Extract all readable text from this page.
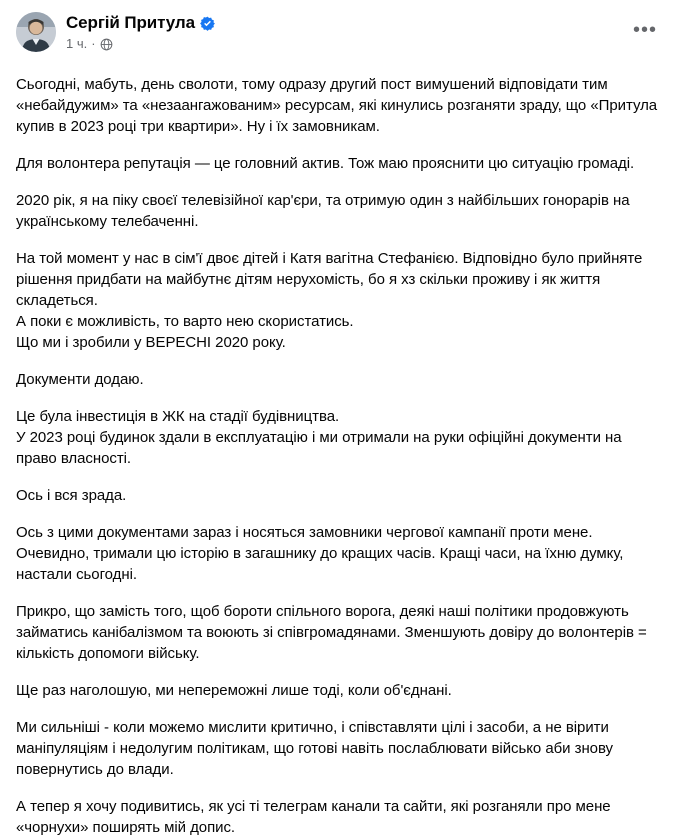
Сергій Притула
1 ч. ·
•••

Сьогодні, мабуть, день сволоти, тому одразу другий пост вимушений відповідати тим «небайдужим» та «незаангажованим» ресурсам, які кинулись розганяти зраду, що «Притула купив в 2023 році три квартири». Ну і їх замовникам.

Для волонтера репутація — це головний актив. Тож маю прояснити цю ситуацію громаді.

2020 рік, я на піку своєї телевізійної кар'єри, та отримую один з найбільших гонорарів на українському телебаченні.

На той момент у нас в сім'ї двоє дітей і Катя вагітна Стефанією. Відповідно було прийняте рішення придбати на майбутнє дітям нерухомість, бо я хз скільки проживу і як життя складеться.

А поки є можливість, то варто нею скористатись.

Що ми і зробили у ВЕРЕСНІ 2020 року.

Документи додаю.

Це була інвестиція в ЖК на стадії будівництва.

У 2023 році будинок здали в експлуатацію і ми отримали на руки офіційні документи на право власності.

Ось і вся зрада.

Ось з цими документами зараз і носяться замовники чергової кампанії проти мене. Очевидно, тримали цю історію в загашнику до кращих часів. Кращі часи, на їхню думку, настали сьогодні.

Прикро, що замість того, щоб бороти спільного ворога, деякі наші політики продовжують займатись канібалізмом та воюють зі співгромадянами. Зменшують довіру до волонтерів = кількість допомоги війську.

Ще раз наголошую, ми непереможні лише тоді, коли об'єднані.

Ми сильніші - коли можемо мислити критично, і співставляти цілі і засоби, а не вірити маніпуляціям і недолугим політикам, що готові навіть послаблювати військо аби знову повернутись до влади.

А тепер я хочу подивитись, як усі ті телеграм канали та сайти, які розганяли про мене «чорнухи» поширять мій допис.
